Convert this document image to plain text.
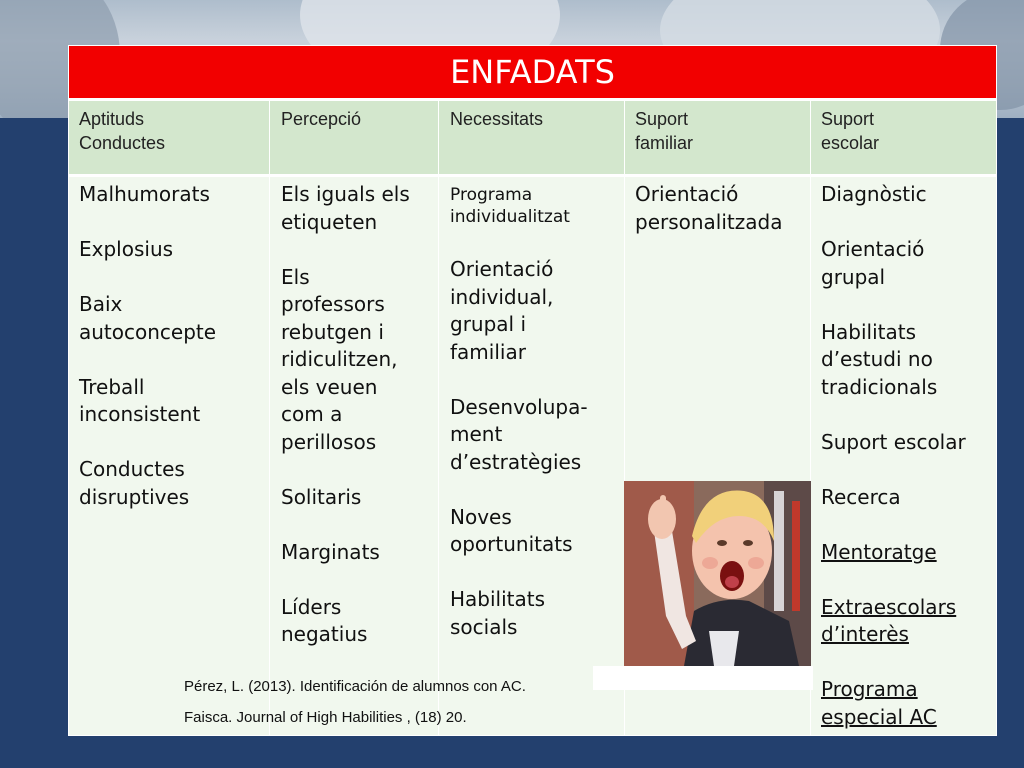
ENFADATS
Aptituds
Conductes
Percepció	Necessitats	Suport
familiar
Suport
escolar
Malhumorats
Explosius
Baix
autoconcepte
Treball
inconsistent
Conductes
disruptives
Els iguals els
etiqueten
Els
professors
rebutgen i
ridiculitzen,
els veuen
com a
perillosos
Solitaris
Marginats
Líders
negatius
Programa
individualitzat
Orientació
individual,
grupal i
familiar
Desenvolupa-
ment
d’estratègies
Noves
oportunitats
Habilitats
socials
Orientació
personalitzada
Diagnòstic
Orientació
grupal
Habilitats
d’estudi no
tradicionals
Suport escolar
Recerca
Mentoratge
Extraescolars
d’interès
Programa
especial AC
Pérez, L. (2013). Identificación de alumnos con AC.
Faisca. Journal of High Habilities , (18) 20.
